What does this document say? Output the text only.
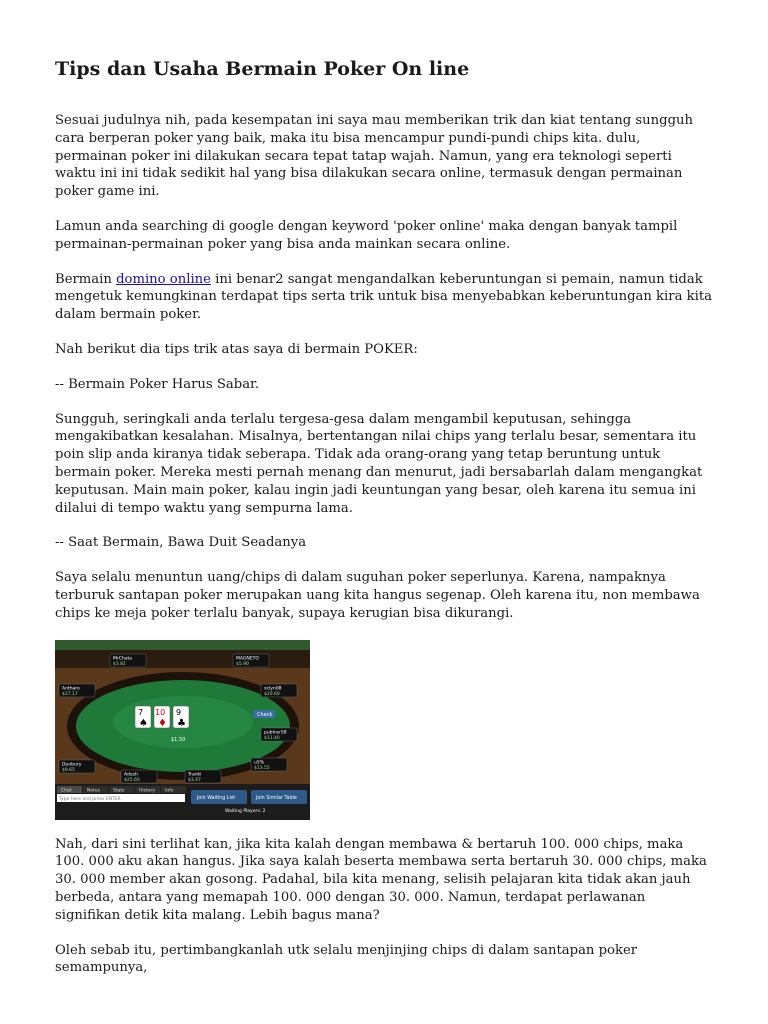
Tips dan Usaha Bermain Poker On line

Sesuai judulnya nih, pada kesempatan ini saya mau memberikan trik dan kiat tentang sungguh cara berperan poker yang baik, maka itu bisa mencampur pundi-pundi chips kita. dulu, permainan poker ini dilakukan secara tepat tatap wajah. Namun, yang era teknologi seperti waktu ini ini tidak sedikit hal yang bisa dilakukan secara online, termasuk dengan permainan poker game ini.

Lamun anda searching di google dengan keyword 'poker online' maka dengan banyak tampil permainan-permainan poker yang bisa anda mainkan secara online.

Bermain domino online ini benar2 sangat mengandalkan keberuntungan si pemain, namun tidak mengetuk kemungkinan terdapat tips serta trik untuk bisa menyebabkan keberuntungan kira kita dalam bermain poker.

Nah berikut dia tips trik atas saya di bermain POKER:

-- Bermain Poker Harus Sabar.

Sungguh, seringkali anda terlalu tergesa-gesa dalam mengambil keputusan, sehingga mengakibatkan kesalahan. Misalnya, bertentangan nilai chips yang terlalu besar, sementara itu poin slip anda kiranya tidak seberapa. Tidak ada orang-orang yang tetap beruntung untuk bermain poker. Mereka mesti pernah menang dan menurut, jadi bersabarlah dalam mengangkat keputusan. Main main poker, kalau ingin jadi keuntungan yang besar, oleh karena itu semua ini dilalui di tempo waktu yang sempurna lama.

-- Saat Bermain, Bawa Duit Seadanya

Saya selalu menuntun uang/chips di dalam suguhan poker seperlunya. Karena, nampaknya terburuk santapan poker merupakan uang kita hangus segenap. Oleh karena itu, non membawa chips ke meja poker terlalu banyak, supaya kerugian bisa dikurangi.

7
♠
10
♦
9
♣
$1.50
MrChata
$3.81
MAGNETO
$5.90
Antharo
$27.17
xclyn08
$20.60
publnsr58
$11.40
Dunbury
$9.65
Adesh
$25.60
Tranki
$3.47
u5%
$13.55
Check
Chat	Notes	Stats	History Info
Type here and press ENTER	Join Waiting List	Join Similar Table
Waiting Players: 2

Nah, dari sini terlihat kan, jika kita kalah dengan membawa & bertaruh 100. 000 chips, maka 100. 000 aku akan hangus. Jika saya kalah beserta membawa serta bertaruh 30. 000 chips, maka 30. 000 member akan gosong. Padahal, bila kita menang, selisih pelajaran kita tidak akan jauh berbeda, antara yang memapah 100. 000 dengan 30. 000. Namun, terdapat perlawanan signifikan detik kita malang. Lebih bagus mana?

Oleh sebab itu, pertimbangkanlah utk selalu menjinjing chips di dalam santapan poker semampunya,
